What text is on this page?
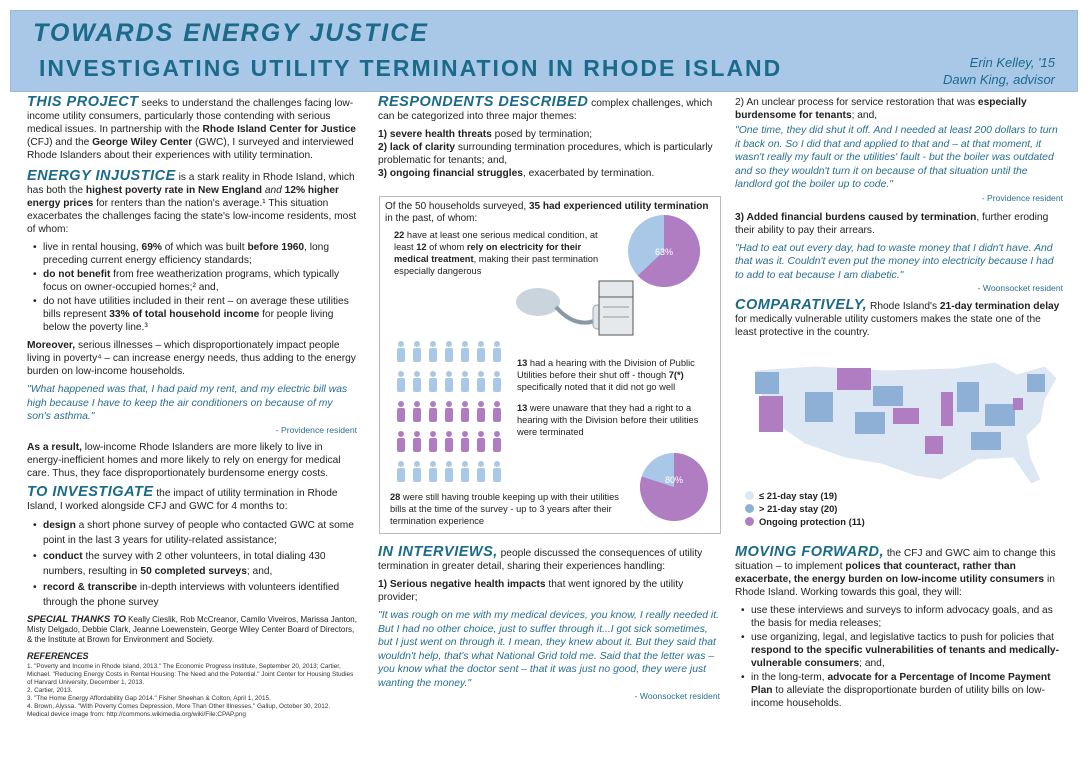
TOWARDS ENERGY JUSTICE
INVESTIGATING UTILITY TERMINATION IN RHODE ISLAND	Erin Kelley, '15
Dawn King, advisor

THIS PROJECT seeks to understand the challenges facing low-income utility consumers, particularly those contending with serious medical issues. In partnership with the Rhode Island Center for Justice (CFJ) and the George Wiley Center (GWC), I surveyed and interviewed Rhode Islanders about their experiences with utility termination.

ENERGY INJUSTICE is a stark reality in Rhode Island, which has both the highest poverty rate in New England and 12% higher energy prices for renters than the nation's average.¹ This situation exacerbates the challenges facing the state's low-income residents, most of whom:

• live in rental housing, 69% of which was built before 1960, long preceding current energy efficiency standards;
• do not benefit from free weatherization programs, which typically focus on owner-occupied homes;² and,
• do not have utilities included in their rent – on average these utilities bills represent 33% of total household income for people living below the poverty line.³

Moreover, serious illnesses – which disproportionately impact people living in poverty⁴ – can increase energy needs, thus adding to the energy burden on low-income households.

"What happened was that, I had paid my rent, and my electric bill was high because I have to keep the air conditioners on because of my son's asthma."

- Providence resident

As a result, low-income Rhode Islanders are more likely to live in energy-inefficient homes and more likely to rely on energy for medical care. Thus, they face disproportionately burdensome energy costs.

TO INVESTIGATE the impact of utility termination in Rhode Island, I worked alongside CFJ and GWC for 4 months to:

• design a short phone survey of people who contacted GWC at some point in the last 3 years for utility-related assistance;
• conduct the survey with 2 other volunteers, in total dialing 430 numbers, resulting in 50 completed surveys; and,
• record & transcribe in-depth interviews with volunteers identified through the phone survey

SPECIAL THANKS TO Keally Cieslik, Rob McCreanor, Camilo Viveiros, Marissa Janton, Misty Delgado, Debbie Clark, Jeanne Loewenstein, George Wiley Center Board of Directors, & the Institute at Brown for Environment and Society.

REFERENCES
1. "Poverty and Income in Rhode Island, 2013." The Economic Progress Institute, September 20, 2013; Cartier, Michael. "Reducing Energy Costs in Rental Housing: The Need and the Potential." Joint Center for Housing Studies of Harvard University, December 1, 2013.
2. Cartier, 2013.
3. "The Home Energy Affordability Gap 2014." Fisher Sheehan & Colton, April 1, 2015.
4. Brown, Alyssa. "With Poverty Comes Depression, More Than Other Illnesses." Gallup, October 30, 2012.
Medical device image from: http://commons.wikimedia.org/wiki/File:CPAP.png

RESPONDENTS DESCRIBED complex challenges, which can be categorized into three major themes:

1) severe health threats posed by termination;
2) lack of clarity surrounding termination procedures, which is particularly problematic for tenants; and,
3) ongoing financial struggles, exacerbated by termination.
Of the 50 households surveyed, 35 had experienced utility termination in the past, of whom:
22 have at least one serious medical condition, at least 12 of whom rely on electricity for their medical treatment, making their past termination especially dangerous
63%
13 had a hearing with the Division of Public Utilities before their shut off - though 7(*) specifically noted that it did not go well
13 were unaware that they had a right to a hearing with the Division before their utilities were terminated
80%
28 were still having trouble keeping up with their utilities bills at the time of the survey - up to 3 years after their termination experience

IN INTERVIEWS, people discussed the consequences of utility termination in greater detail, sharing their experiences handling:

1) Serious negative health impacts that went ignored by the utility provider;

"It was rough on me with my medical devices, you know, I really needed it. But I had no other choice, just to suffer through it...I got sick sometimes, but I just went on through it. I mean, they knew about it. But they said that wouldn't help, that's what National Grid told me. Said that the letter was – you know what the doctor sent – that it was just no good, they were just wanting the money."

- Woonsocket resident

2) An unclear process for service restoration that was especially burdensome for tenants; and,

"One time, they did shut it off. And I needed at least 200 dollars to turn it back on. So I did that and applied to that and – at that moment, it wasn't really my fault or the utilities' fault - but the boiler was outdated and so they wouldn't turn it on because of that situation until the landlord got the boiler up to code."

- Providence resident

3) Added financial burdens caused by termination, further eroding their ability to pay their arrears.

"Had to eat out every day, had to waste money that I didn't have. And that was it. Couldn't even put the money into electricity because I had to add to eat because I am diabetic."

- Woonsocket resident

COMPARATIVELY, Rhode Island's 21-day termination delay for medically vulnerable utility customers makes the state one of the least protective in the country.

≤ 21-day stay (19)
> 21-day stay (20)
Ongoing protection (11)

MOVING FORWARD, the CFJ and GWC aim to change this situation – to implement polices that counteract, rather than exacerbate, the energy burden on low-income utility consumers in Rhode Island. Working towards this goal, they will:

• use these interviews and surveys to inform advocacy goals, and as the basis for media releases;
• use organizing, legal, and legislative tactics to push for policies that respond to the specific vulnerabilities of tenants and medically-vulnerable consumers; and,
• in the long-term, advocate for a Percentage of Income Payment Plan to alleviate the disproportionate burden of utility bills on low-income households.
